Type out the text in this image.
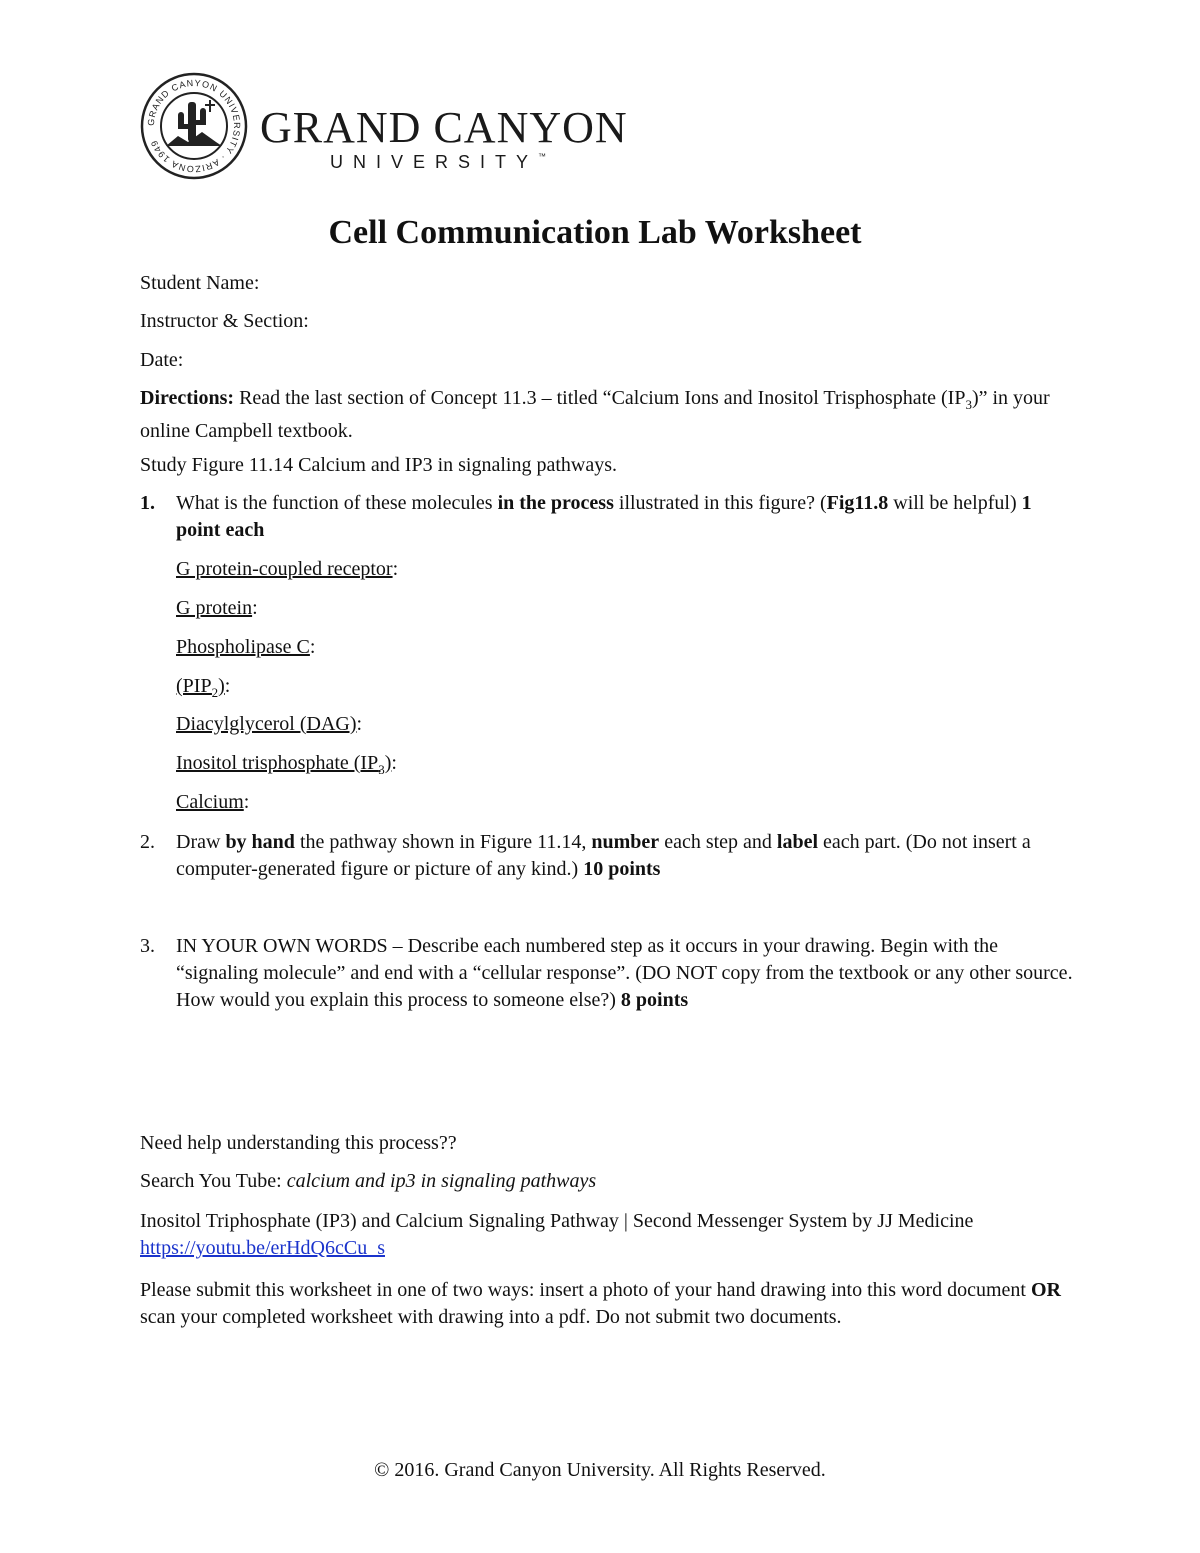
GRAND CANYON UNIVERSITY · ARIZONA 1949	GRAND CANYON
UNIVERSITY™
Cell Communication Lab Worksheet
Student Name:
Instructor & Section:
Date:
Directions: Read the last section of Concept 11.3 – titled “Calcium Ions and Inositol Trisphosphate $(IP_3)$” in your online Campbell textbook.
Study Figure 11.14 Calcium and IP3 in signaling pathways.
1. What is the function of these molecules in the process illustrated in this figure? (Fig11.8 will be helpful) 1 point each
G protein-coupled receptor:
G protein:
Phospholipase C:
$(PIP_2)$:
Diacylglycerol (DAG):
Inositol trisphosphate $(IP_3)$:
Calcium:
2. Draw by hand the pathway shown in Figure 11.14, number each step and label each part. (Do not insert a computer-generated figure or picture of any kind.) 10 points
3. IN YOUR OWN WORDS – Describe each numbered step as it occurs in your drawing. Begin with the “signaling molecule” and end with a “cellular response”. (DO NOT copy from the textbook or any other source. How would you explain this process to someone else?) 8 points
Need help understanding this process??
Search You Tube: calcium and ip3 in signaling pathways
Inositol Triphosphate (IP3) and Calcium Signaling Pathway | Second Messenger System by JJ Medicine https://youtu.be/erHdQ6cCu_s
Please submit this worksheet in one of two ways: insert a photo of your hand drawing into this word document OR scan your completed worksheet with drawing into a pdf. Do not submit two documents.
© 2016. Grand Canyon University. All Rights Reserved.
